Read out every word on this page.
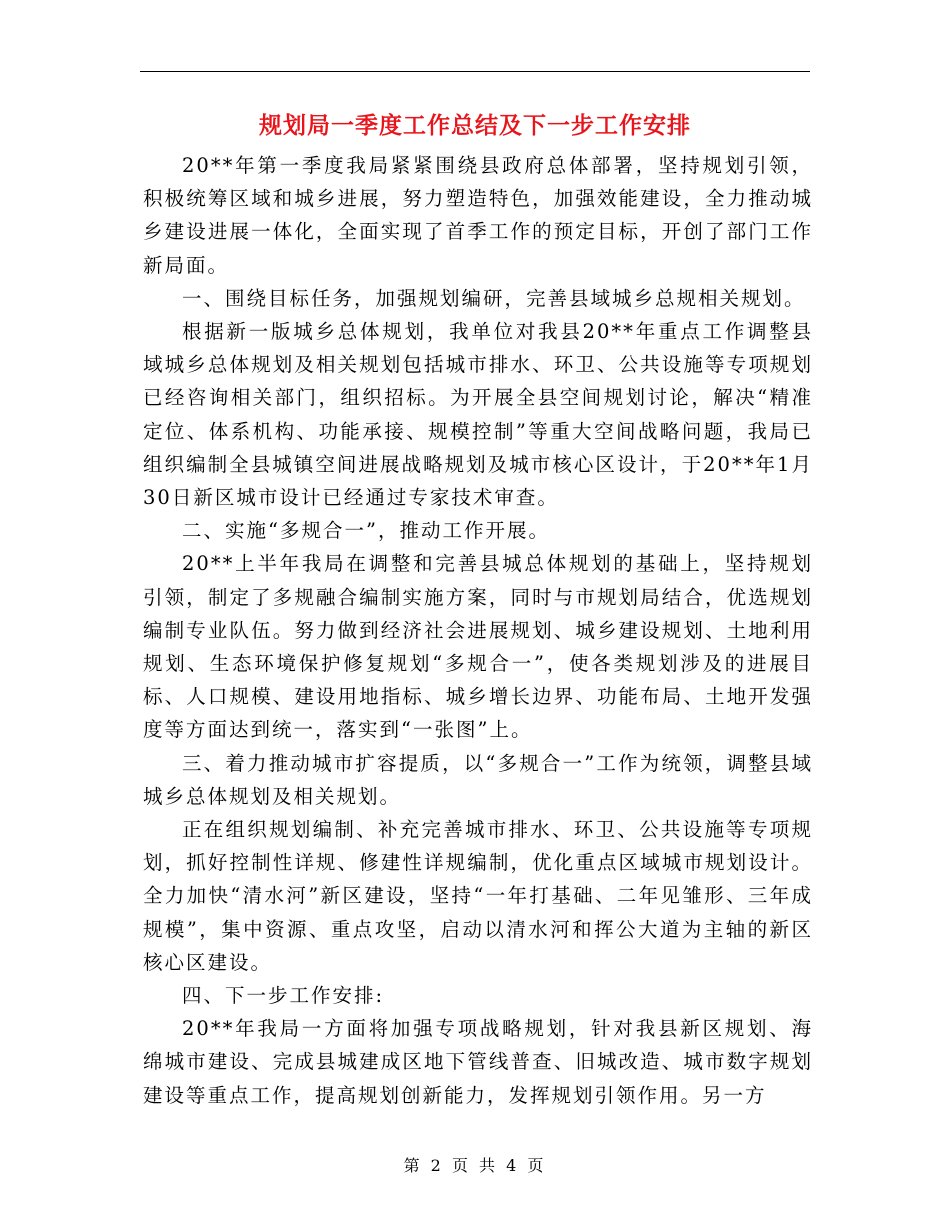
规划局一季度工作总结及下一步工作安排

20**年第一季度我局紧紧围绕县政府总体部署，坚持规划引领，积极统筹区域和城乡进展，努力塑造特色，加强效能建设，全力推动城乡建设进展一体化，全面实现了首季工作的预定目标，开创了部门工作新局面。

一、围绕目标任务，加强规划编研，完善县域城乡总规相关规划。

根据新一版城乡总体规划，我单位对我县20**年重点工作调整县域城乡总体规划及相关规划包括城市排水、环卫、公共设施等专项规划已经咨询相关部门，组织招标。为开展全县空间规划讨论，解决“精准定位、体系机构、功能承接、规模控制”等重大空间战略问题，我局已组织编制全县城镇空间进展战略规划及城市核心区设计，于20**年1月30日新区城市设计已经通过专家技术审查。

二、实施“多规合一”，推动工作开展。

20**上半年我局在调整和完善县城总体规划的基础上，坚持规划引领，制定了多规融合编制实施方案，同时与市规划局结合，优选规划编制专业队伍。努力做到经济社会进展规划、城乡建设规划、土地利用规划、生态环境保护修复规划“多规合一”，使各类规划涉及的进展目标、人口规模、建设用地指标、城乡增长边界、功能布局、土地开发强度等方面达到统一，落实到“一张图”上。

三、着力推动城市扩容提质，以“多规合一”工作为统领，调整县域城乡总体规划及相关规划。

正在组织规划编制、补充完善城市排水、环卫、公共设施等专项规划，抓好控制性详规、修建性详规编制，优化重点区域城市规划设计。全力加快“清水河”新区建设，坚持“一年打基础、二年见雏形、三年成规模”，集中资源、重点攻坚，启动以清水河和挥公大道为主轴的新区核心区建设。

四、下一步工作安排:

20**年我局一方面将加强专项战略规划，针对我县新区规划、海绵城市建设、完成县城建成区地下管线普查、旧城改造、城市数字规划建设等重点工作，提高规划创新能力，发挥规划引领作用。另一方

第 2 页 共 4 页
